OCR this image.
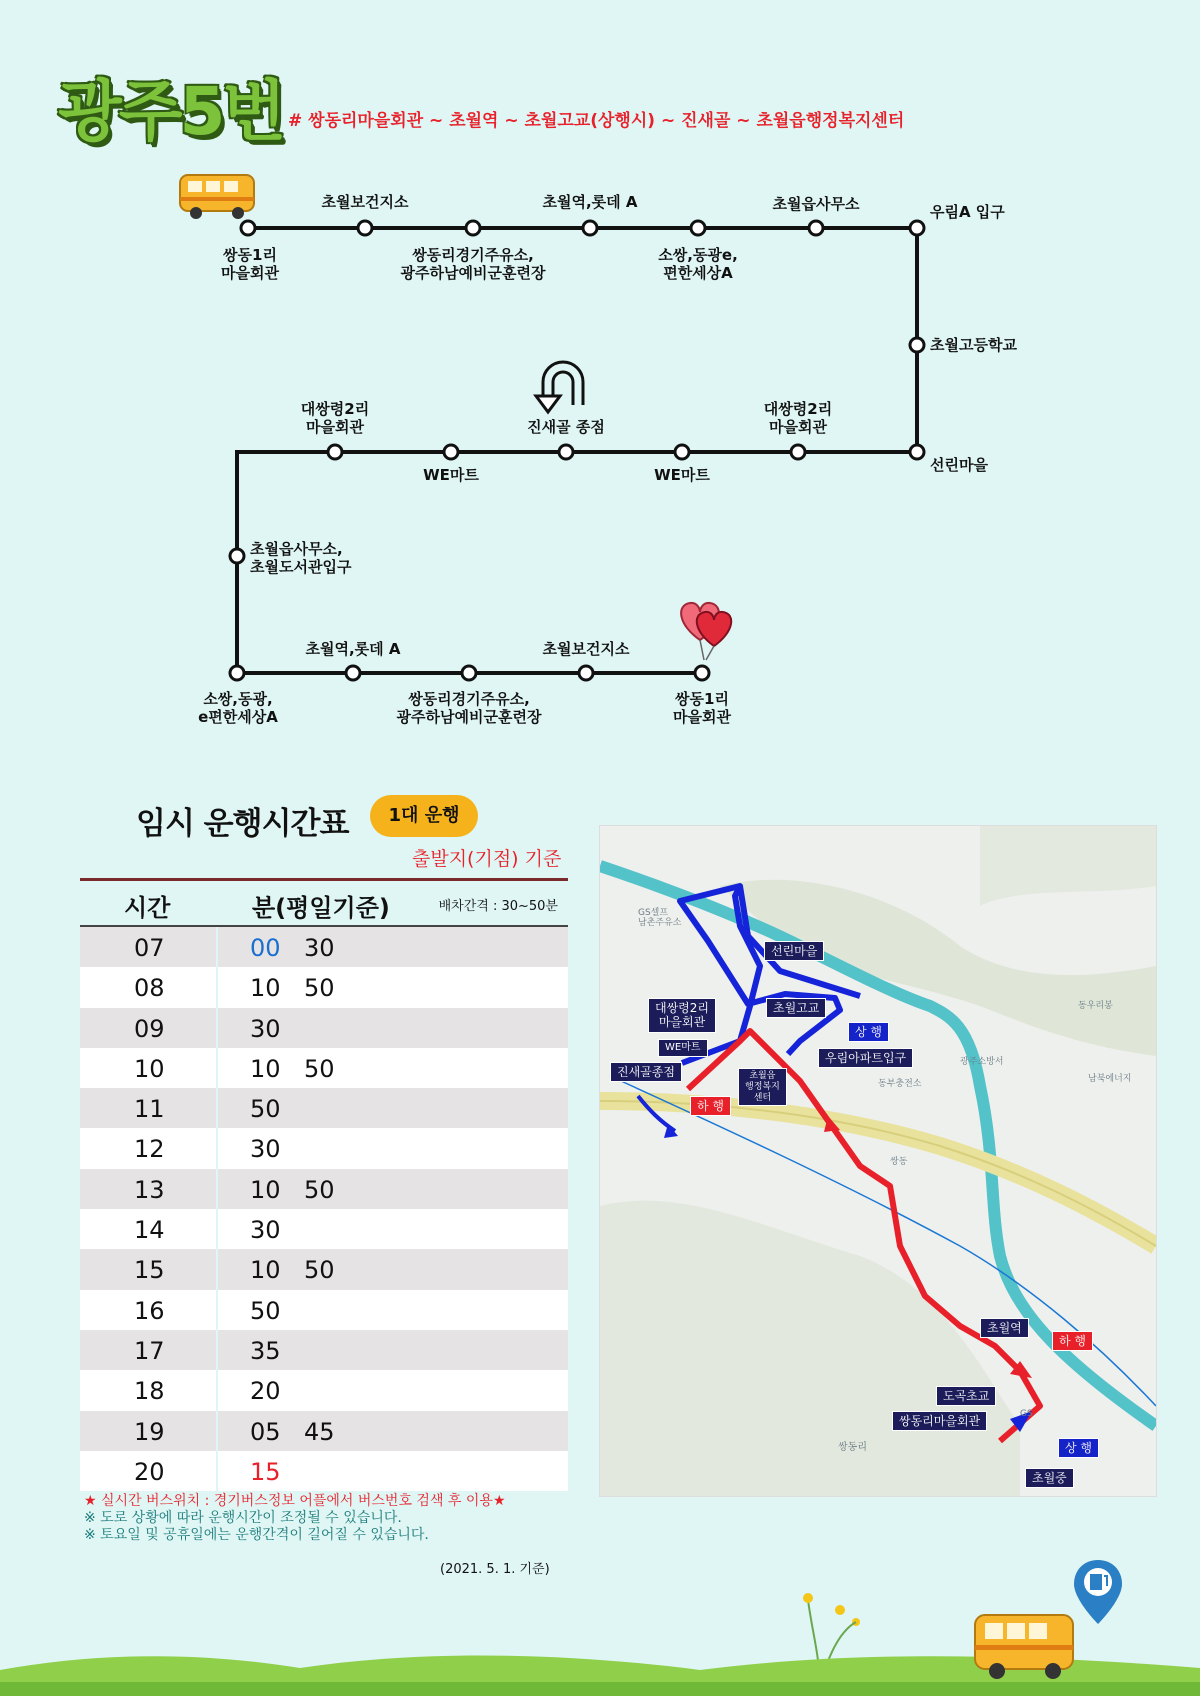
광주5번 # 쌍동리마을회관 ~ 초월역 ~ 초월고교(상행시) ~ 진새골 ~ 초월읍행정복지센터
쌍동1리
마을회관
초월보건지소
쌍동리경기주유소,
광주하남예비군훈련장
초월역,롯데 A
소쌍,동광e,
편한세상A
초월읍사무소	우림A 입구
초월고등학교
선린마을
대쌍령2리
마을회관
WE마트
진새골 종점
WE마트
대쌍령2리
마을회관
초월읍사무소,
초월도서관입구
소쌍,동광,
e편한세상A
초월역,롯데 A
쌍동리경기주유소,
광주하남예비군훈련장
초월보건지소
쌍동1리
마을회관
임시 운행시간표	1대 운행
출발지(기점) 기준
시간	분(평일기준)	배차간격 : 30~50분
07	00 30
08	10 50
09	30
10	10 50
11	50
12	30
13	10 50
14	30
15	10 50
16	50
17	35
18	20
19	05 45
20	15
★ 실시간 버스위치 : 경기버스정보 어플에서 버스번호 검색 후 이용★
※ 도로 상황에 따라 운행시간이 조정될 수 있습니다.
※ 토요일 및 공휴일에는 운행간격이 길어질 수 있습니다.
(2021. 5. 1. 기준)
GS셀프
남촌주유소
동우리봉
광주소방서
남북에너지
동부충전소
쌍동
쌍동리
GS
선린마을
대쌍령2리
마을회관
초월고교
WE마트
상 행
우림아파트입구
진새골종점	초월읍
행정복지
센터
하 행
초월역
하 행
도곡초교
쌍동리마을회관
상 행
초월중
